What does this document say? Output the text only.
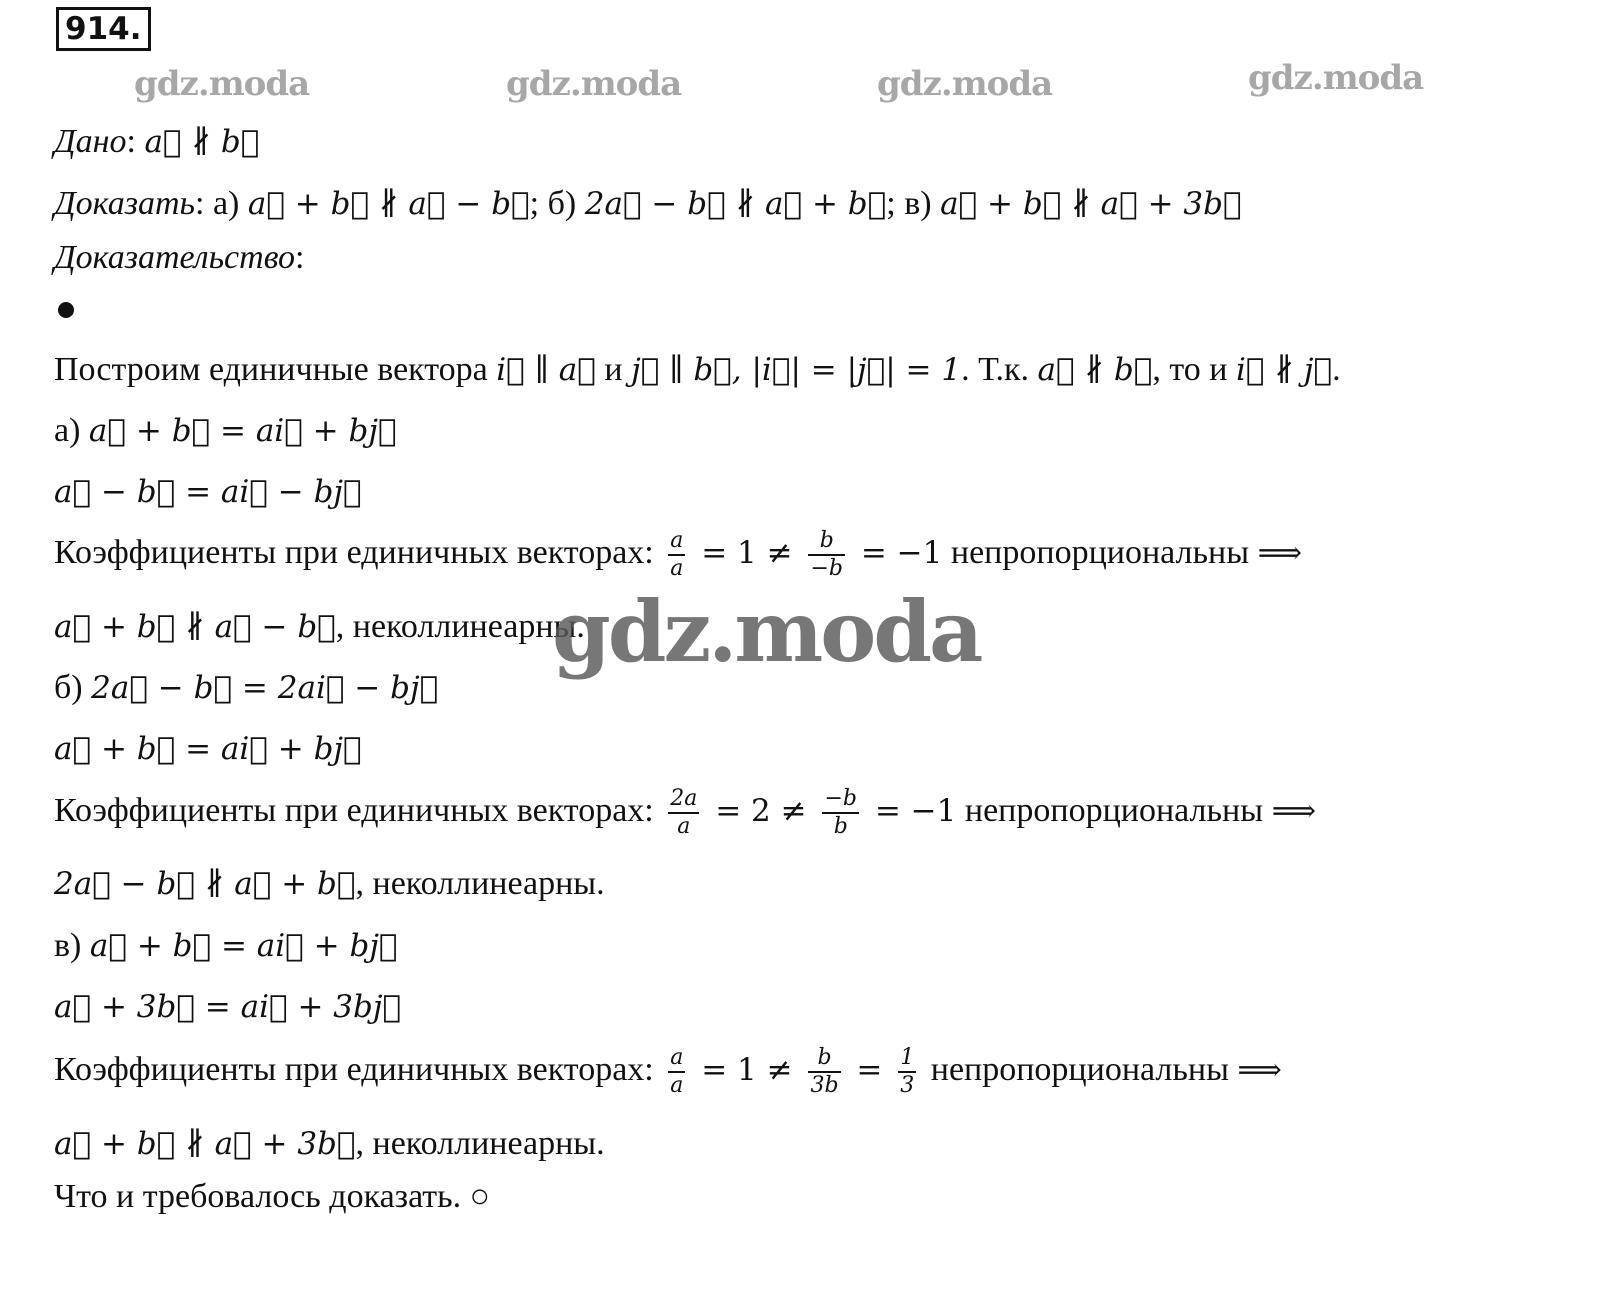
914.
gdz.moda	gdz.moda	gdz.moda	gdz.moda
Дано: a⃗ ∦ b⃗
Доказать: а) a⃗ + b⃗ ∦ a⃗ − b⃗; б) 2a⃗ − b⃗ ∦ a⃗ + b⃗; в) a⃗ + b⃗ ∦ a⃗ + 3b⃗
Доказательство:
Построим единичные вектора i⃗ ∥ a⃗ и j⃗ ∥ b⃗, |i⃗| = |j⃗| = 1. Т.к. a⃗ ∦ b⃗, то и i⃗ ∦ j⃗.
а) a⃗ + b⃗ = ai⃗ + bj⃗
a⃗ − b⃗ = ai⃗ − bj⃗
Коэффициенты при единичных векторах: $\frac{a}{a} = 1 \ne \frac{b}{-b} = -1$ непропорциональны ⟹
a⃗ + b⃗ ∦ a⃗ − b⃗, неколлинеарны.
gdz.moda
б) 2a⃗ − b⃗ = 2ai⃗ − bj⃗
a⃗ + b⃗ = ai⃗ + bj⃗
Коэффициенты при единичных векторах: $\frac{2a}{a} = 2 \ne \frac{-b}{b} = -1$ непропорциональны ⟹
2a⃗ − b⃗ ∦ a⃗ + b⃗, неколлинеарны.
в) a⃗ + b⃗ = ai⃗ + bj⃗
a⃗ + 3b⃗ = ai⃗ + 3bj⃗
Коэффициенты при единичных векторах: $\frac{a}{a} = 1 \ne \frac{b}{3b} = \frac{1}{3}$ непропорциональны ⟹
a⃗ + b⃗ ∦ a⃗ + 3b⃗, неколлинеарны.
Что и требовалось доказать. ○
